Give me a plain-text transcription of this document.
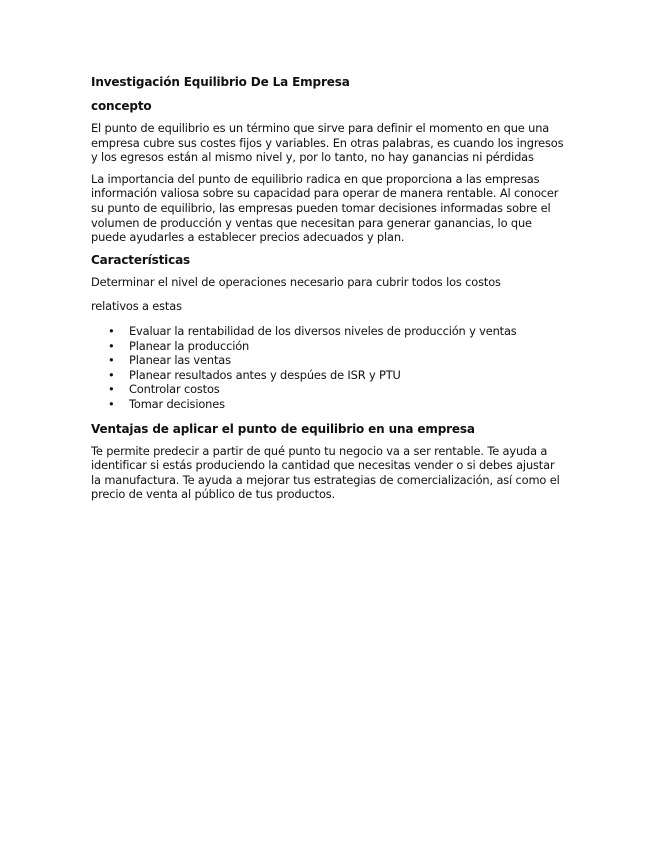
Investigación Equilibrio De La Empresa
concepto

El punto de equilibrio es un término que sirve para definir el momento en que una empresa cubre sus costes fijos y variables. En otras palabras, es cuando los ingresos y los egresos están al mismo nivel y, por lo tanto, no hay ganancias ni pérdidas

La importancia del punto de equilibrio radica en que proporciona a las empresas información valiosa sobre su capacidad para operar de manera rentable. Al conocer su punto de equilibrio, las empresas pueden tomar decisiones informadas sobre el volumen de producción y ventas que necesitan para generar ganancias, lo que puede ayudarles a establecer precios adecuados y plan.

Características

Determinar el nivel de operaciones necesario para cubrir todos los costos

relativos a estas

• Evaluar la rentabilidad de los diversos niveles de producción y ventas
• Planear la producción
• Planear las ventas
• Planear resultados antes y despúes de ISR y PTU
• Controlar costos
• Tomar decisiones
Ventajas de aplicar el punto de equilibrio en una empresa

Te permite predecir a partir de qué punto tu negocio va a ser rentable. Te ayuda a identificar si estás produciendo la cantidad que necesitas vender o si debes ajustar la manufactura. Te ayuda a mejorar tus estrategias de comercialización, así como el precio de venta al público de tus productos.
